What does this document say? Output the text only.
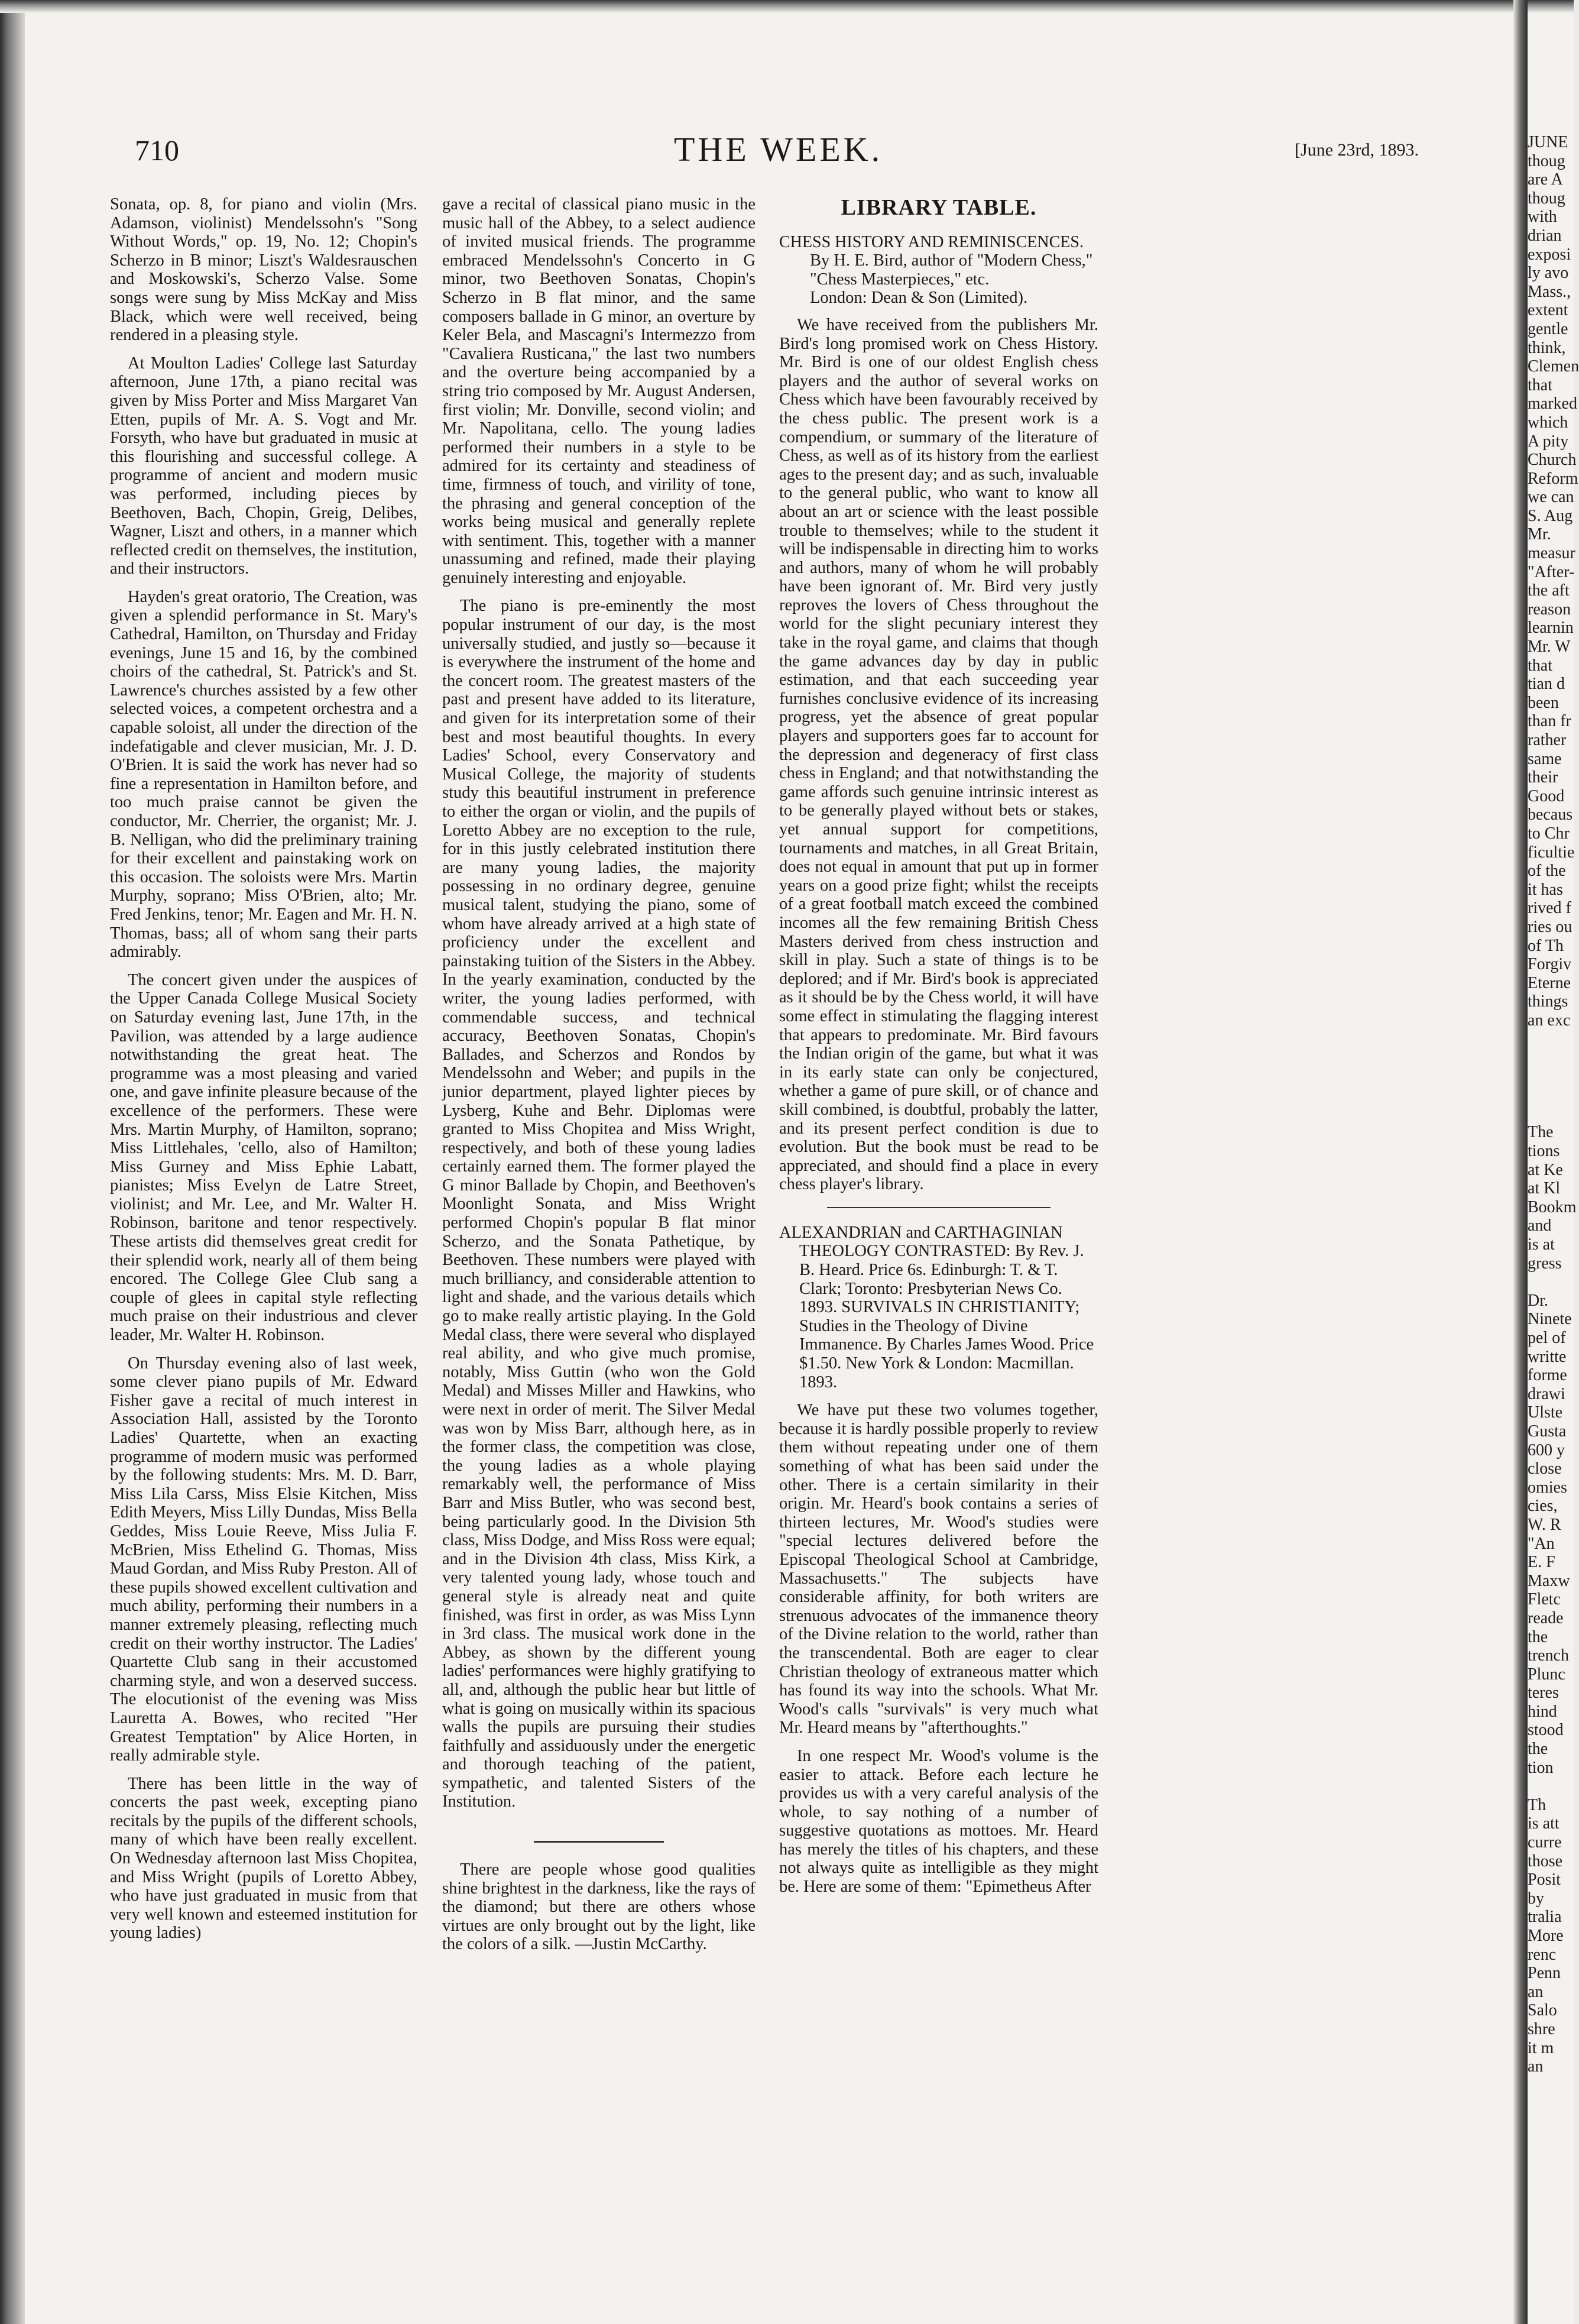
710	THE WEEK.	[June 23rd, 1893.

Sonata, op. 8, for piano and violin (Mrs. Adamson, violinist) Mendelssohn's "Song Without Words," op. 19, No. 12; Chopin's Scherzo in B minor; Liszt's Waldesrauschen and Moskowski's, Scherzo Valse. Some songs were sung by Miss McKay and Miss Black, which were well received, being rendered in a pleasing style.

At Moulton Ladies' College last Saturday afternoon, June 17th, a piano recital was given by Miss Porter and Miss Margaret Van Etten, pupils of Mr. A. S. Vogt and Mr. Forsyth, who have but graduated in music at this flourishing and successful college. A programme of ancient and modern music was performed, including pieces by Beethoven, Bach, Chopin, Greig, Delibes, Wagner, Liszt and others, in a manner which reflected credit on themselves, the institution, and their instructors.

Hayden's great oratorio, The Creation, was given a splendid performance in St. Mary's Cathedral, Hamilton, on Thursday and Friday evenings, June 15 and 16, by the combined choirs of the cathedral, St. Patrick's and St. Lawrence's churches assisted by a few other selected voices, a competent orchestra and a capable soloist, all under the direction of the indefatigable and clever musician, Mr. J. D. O'Brien. It is said the work has never had so fine a representation in Hamilton before, and too much praise cannot be given the conductor, Mr. Cherrier, the organist; Mr. J. B. Nelligan, who did the preliminary training for their excellent and painstaking work on this occasion. The soloists were Mrs. Martin Murphy, soprano; Miss O'Brien, alto; Mr. Fred Jenkins, tenor; Mr. Eagen and Mr. H. N. Thomas, bass; all of whom sang their parts admirably.

The concert given under the auspices of the Upper Canada College Musical Society on Saturday evening last, June 17th, in the Pavilion, was attended by a large audience notwithstanding the great heat. The programme was a most pleasing and varied one, and gave infinite pleasure because of the excellence of the performers. These were Mrs. Martin Murphy, of Hamilton, soprano; Miss Littlehales, 'cello, also of Hamilton; Miss Gurney and Miss Ephie Labatt, pianistes; Miss Evelyn de Latre Street, violinist; and Mr. Lee, and Mr. Walter H. Robinson, baritone and tenor respectively. These artists did themselves great credit for their splendid work, nearly all of them being encored. The College Glee Club sang a couple of glees in capital style reflecting much praise on their industrious and clever leader, Mr. Walter H. Robinson.

On Thursday evening also of last week, some clever piano pupils of Mr. Edward Fisher gave a recital of much interest in Association Hall, assisted by the Toronto Ladies' Quartette, when an exacting programme of modern music was performed by the following students: Mrs. M. D. Barr, Miss Lila Carss, Miss Elsie Kitchen, Miss Edith Meyers, Miss Lilly Dundas, Miss Bella Geddes, Miss Louie Reeve, Miss Julia F. McBrien, Miss Ethelind G. Thomas, Miss Maud Gordan, and Miss Ruby Preston. All of these pupils showed excellent cultivation and much ability, performing their numbers in a manner extremely pleasing, reflecting much credit on their worthy instructor. The Ladies' Quartette Club sang in their accustomed charming style, and won a deserved success. The elocutionist of the evening was Miss Lauretta A. Bowes, who recited "Her Greatest Temptation" by Alice Horten, in really admirable style.

There has been little in the way of concerts the past week, excepting piano recitals by the pupils of the different schools, many of which have been really excellent. On Wednesday afternoon last Miss Chopitea, and Miss Wright (pupils of Loretto Abbey, who have just graduated in music from that very well known and esteemed institution for young ladies)

gave a recital of classical piano music in the music hall of the Abbey, to a select audience of invited musical friends. The programme embraced Mendelssohn's Concerto in G minor, two Beethoven Sonatas, Chopin's Scherzo in B flat minor, and the same composers ballade in G minor, an overture by Keler Bela, and Mascagni's Intermezzo from "Cavaliera Rusticana," the last two numbers and the overture being accompanied by a string trio composed by Mr. August Andersen, first violin; Mr. Donville, second violin; and Mr. Napolitana, cello. The young ladies performed their numbers in a style to be admired for its certainty and steadiness of time, firmness of touch, and virility of tone, the phrasing and general conception of the works being musical and generally replete with sentiment. This, together with a manner unassuming and refined, made their playing genuinely interesting and enjoyable.

The piano is pre-eminently the most popular instrument of our day, is the most universally studied, and justly so—because it is everywhere the instrument of the home and the concert room. The greatest masters of the past and present have added to its literature, and given for its interpretation some of their best and most beautiful thoughts. In every Ladies' School, every Conservatory and Musical College, the majority of students study this beautiful instrument in preference to either the organ or violin, and the pupils of Loretto Abbey are no exception to the rule, for in this justly celebrated institution there are many young ladies, the majority possessing in no ordinary degree, genuine musical talent, studying the piano, some of whom have already arrived at a high state of proficiency under the excellent and painstaking tuition of the Sisters in the Abbey. In the yearly examination, conducted by the writer, the young ladies performed, with commendable success, and technical accuracy, Beethoven Sonatas, Chopin's Ballades, and Scherzos and Rondos by Mendelssohn and Weber; and pupils in the junior department, played lighter pieces by Lysberg, Kuhe and Behr. Diplomas were granted to Miss Chopitea and Miss Wright, respectively, and both of these young ladies certainly earned them. The former played the G minor Ballade by Chopin, and Beethoven's Moonlight Sonata, and Miss Wright performed Chopin's popular B flat minor Scherzo, and the Sonata Pathetique, by Beethoven. These numbers were played with much brilliancy, and considerable attention to light and shade, and the various details which go to make really artistic playing. In the Gold Medal class, there were several who displayed real ability, and who give much promise, notably, Miss Guttin (who won the Gold Medal) and Misses Miller and Hawkins, who were next in order of merit. The Silver Medal was won by Miss Barr, although here, as in the former class, the competition was close, the young ladies as a whole playing remarkably well, the performance of Miss Barr and Miss Butler, who was second best, being particularly good. In the Division 5th class, Miss Dodge, and Miss Ross were equal; and in the Division 4th class, Miss Kirk, a very talented young lady, whose touch and general style is already neat and quite finished, was first in order, as was Miss Lynn in 3rd class. The musical work done in the Abbey, as shown by the different young ladies' performances were highly gratifying to all, and, although the public hear but little of what is going on musically within its spacious walls the pupils are pursuing their studies faithfully and assiduously under the energetic and thorough teaching of the patient, sympathetic, and talented Sisters of the Institution.

There are people whose good qualities shine brightest in the darkness, like the rays of the diamond; but there are others whose virtues are only brought out by the light, like the colors of a silk. —Justin McCarthy.

LIBRARY TABLE.
CHESS HISTORY AND REMINISCENCES.
By H. E. Bird, author of "Modern Chess," "Chess Masterpieces," etc.
London: Dean & Son (Limited).

We have received from the publishers Mr. Bird's long promised work on Chess History. Mr. Bird is one of our oldest English chess players and the author of several works on Chess which have been favourably received by the chess public. The present work is a compendium, or summary of the literature of Chess, as well as of its history from the earliest ages to the present day; and as such, invaluable to the general public, who want to know all about an art or science with the least possible trouble to themselves; while to the student it will be indispensable in directing him to works and authors, many of whom he will probably have been ignorant of. Mr. Bird very justly reproves the lovers of Chess throughout the world for the slight pecuniary interest they take in the royal game, and claims that though the game advances day by day in public estimation, and that each succeeding year furnishes conclusive evidence of its increasing progress, yet the absence of great popular players and supporters goes far to account for the depression and degeneracy of first class chess in England; and that notwithstanding the game affords such genuine intrinsic interest as to be generally played without bets or stakes, yet annual support for competitions, tournaments and matches, in all Great Britain, does not equal in amount that put up in former years on a good prize fight; whilst the receipts of a great football match exceed the combined incomes all the few remaining British Chess Masters derived from chess instruction and skill in play. Such a state of things is to be deplored; and if Mr. Bird's book is appreciated as it should be by the Chess world, it will have some effect in stimulating the flagging interest that appears to predominate. Mr. Bird favours the Indian origin of the game, but what it was in its early state can only be conjectured, whether a game of pure skill, or of chance and skill combined, is doubtful, probably the latter, and its present perfect condition is due to evolution. But the book must be read to be appreciated, and should find a place in every chess player's library.

ALEXANDRIAN and CARTHAGINIAN THEOLOGY CONTRASTED: By Rev. J. B. Heard. Price 6s. Edinburgh: T. & T. Clark; Toronto: Presbyterian News Co. 1893. SURVIVALS IN CHRISTIANITY; Studies in the Theology of Divine Immanence. By Charles James Wood. Price $1.50. New York & London: Macmillan. 1893.

We have put these two volumes together, because it is hardly possible properly to review them without repeating under one of them something of what has been said under the other. There is a certain similarity in their origin. Mr. Heard's book contains a series of thirteen lectures, Mr. Wood's studies were "special lectures delivered before the Episcopal Theological School at Cambridge, Massachusetts." The subjects have considerable affinity, for both writers are strenuous advocates of the immanence theory of the Divine relation to the world, rather than the transcendental. Both are eager to clear Christian theology of extraneous matter which has found its way into the schools. What Mr. Wood's calls "survivals" is very much what Mr. Heard means by "afterthoughts."

In one respect Mr. Wood's volume is the easier to attack. Before each lecture he provides us with a very careful analysis of the whole, to say nothing of a number of suggestive quotations as mottoes. Mr. Heard has merely the titles of his chapters, and these not always quite as intelligible as they might be. Here are some of them: "Epimetheus After

JUNE
thoug
are A
thoug
with
drian
exposi
ly avo
Mass.,
extent
gentle
think,
Clemen
that
marked
which
A pity
Church
Reform
we can
S. Aug
Mr.
measur
"After-
the aft
reason
learnin
Mr. W
that
tian d
been
than fr
rather
same
their
Good
becaus
to Chr
ficultie
of the
it has
rived f
ries ou
of Th
Forgiv
Eterne
things
an exc
The
tions
at Ke
at Kl
Bookm
and
is at
gress
Dr.
Ninete
pel of
writte
forme
drawi
Ulste
Gusta
600 y
close
omies
cies,
W. R
"An
E. F
Maxw
Fletc
reade
the
trench
Plunc
teres
hind
stood
the
tion
Th
is att
curre
those
Posit
by
tralia
More
renc
Penn
an
Salo
shre
it m
an
